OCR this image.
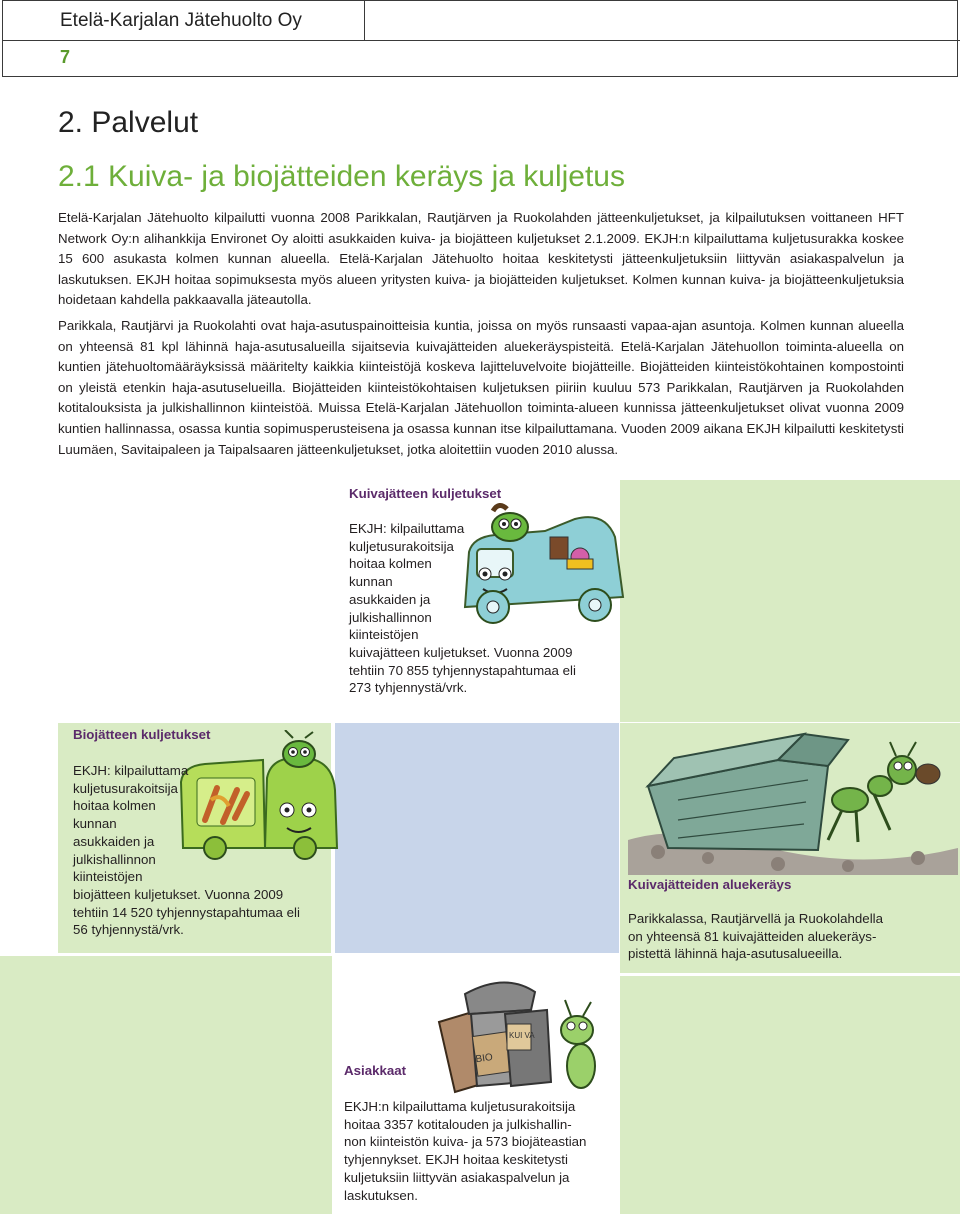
Etelä-Karjalan Jätehuolto Oy
7
2. Palvelut
2.1 Kuiva- ja biojätteiden keräys ja kuljetus

Etelä-Karjalan Jätehuolto kilpailutti vuonna 2008 Parikkalan, Rautjärven ja Ruokolahden jätteenkuljetukset, ja kilpailutuksen voittaneen HFT Network Oy:n alihankkija Environet Oy aloitti asukkaiden kuiva- ja biojätteen kuljetukset 2.1.2009. EKJH:n kilpailuttama kuljetusurakka koskee 15 600 asukasta kolmen kunnan alueella. Etelä-Karjalan Jätehuolto hoitaa keskitetysti jätteenkuljetuksiin liittyvän asiakaspalvelun ja laskutuksen. EKJH hoitaa sopimuksesta myös alueen yritysten kuiva- ja biojätteiden kuljetukset. Kolmen kunnan kuiva- ja biojätteenkuljetuksia hoidetaan kahdella pakkaavalla jäteautolla.

Parikkala, Rautjärvi ja Ruokolahti ovat haja-asutuspainoitteisia kuntia, joissa on myös runsaasti vapaa-ajan asuntoja. Kolmen kunnan alueella on yhteensä 81 kpl lähinnä haja-asutusalueilla sijaitsevia kuivajätteiden aluekeräyspisteitä. Etelä-Karjalan Jätehuollon toiminta-alueella on kuntien jätehuoltomääräyksissä määritelty kaikkia kiinteistöjä koskeva lajitteluvelvoite biojätteille. Biojätteiden kiinteistökohtainen kompostointi on yleistä etenkin haja-asutuselueilla. Biojätteiden kiinteistökohtaisen kuljetuksen piiriin kuuluu 573 Parikkalan, Rautjärven ja Ruokolahden kotitalouksista ja julkishallinnon kiinteistöä. Muissa Etelä-Karjalan Jätehuollon toiminta-alueen kunnissa jätteenkuljetukset olivat vuonna 2009 kuntien hallinnassa, osassa kuntia sopimusperusteisena ja osassa kunnan itse kilpailuttamana. Vuoden 2009 aikana EKJH kilpailutti keskitetysti Luumäen, Savitaipaleen ja Taipalsaaren jätteenkuljetukset, jotka aloitettiin vuoden 2010 alussa.

BIO
KUI VA
Kuivajätteen kuljetukset

EKJH: kilpailuttama

kuljetusurakoitsija

hoitaa kolmen

kunnan

asukkaiden ja

julkishallinnon

kiinteistöjen

kuivajätteen kuljetukset. Vuonna 2009

tehtiin 70 855 tyhjennystapahtumaa eli

273 tyhjennystä/vrk.

Biojätteen kuljetukset

EKJH: kilpailuttama

kuljetusurakoitsija

hoitaa kolmen

kunnan

asukkaiden ja

julkishallinnon

kiinteistöjen

biojätteen kuljetukset. Vuonna 2009

tehtiin 14 520 tyhjennystapahtumaa eli

56 tyhjennystä/vrk.

Kuivajätteiden aluekeräys

Parikkalassa, Rautjärvellä ja Ruokolahdella

on yhteensä 81 kuivajätteiden aluekeräys-

pistettä lähinnä haja-asutusalueeilla.

Asiakkaat

EKJH:n kilpailuttama kuljetusurakoitsija

hoitaa 3357 kotitalouden ja julkishallin-

non kiinteistön kuiva- ja 573 biojäteastian

tyhjennykset. EKJH hoitaa keskitetysti

kuljetuksiin liittyvän asiakaspalvelun ja

laskutuksen.
